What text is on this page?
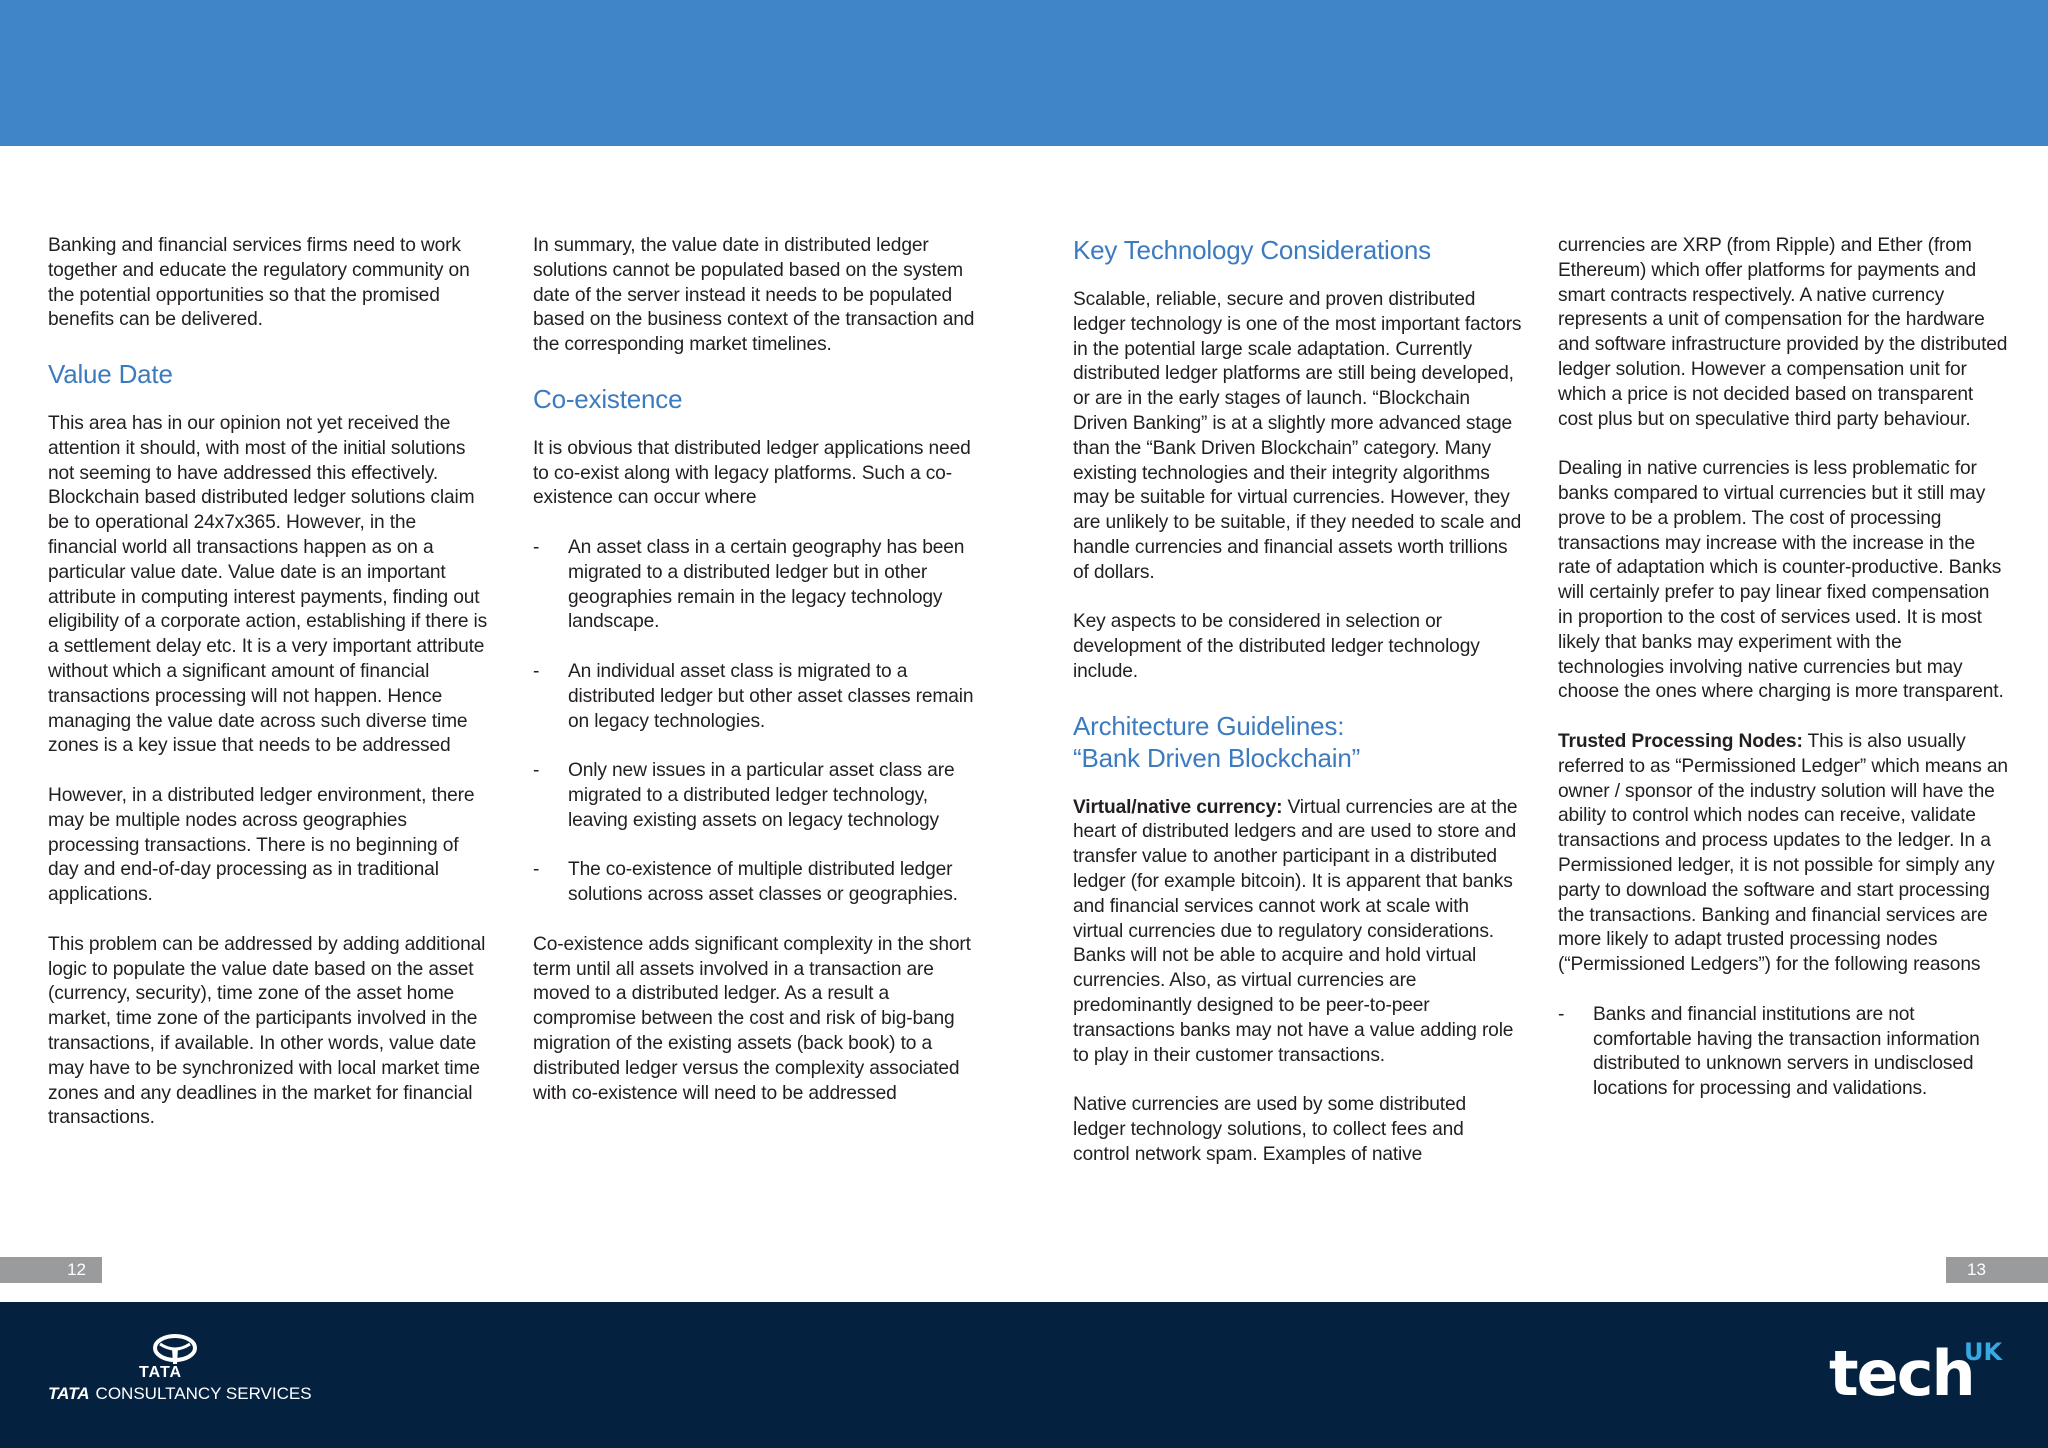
Banking and financial services firms need to work together and educate the regulatory community on the potential opportunities so that the promised benefits can be delivered.

Value Date

This area has in our opinion not yet received the attention it should, with most of the initial solutions not seeming to have addressed this effectively. Blockchain based distributed ledger solutions claim be to operational 24x7x365. However, in the financial world all transactions happen as on a particular value date. Value date is an important attribute in computing interest payments, finding out eligibility of a corporate action, establishing if there is a settlement delay etc. It is a very important attribute without which a significant amount of financial transactions processing will not happen. Hence managing the value date across such diverse time zones is a key issue that needs to be addressed

However, in a distributed ledger environment, there may be multiple nodes across geographies processing transactions. There is no beginning of day and end-of-day processing as in traditional applications.

This problem can be addressed by adding additional logic to populate the value date based on the asset (currency, security), time zone of the asset home market, time zone of the participants involved in the transactions, if available. In other words, value date may have to be synchronized with local market time zones and any deadlines in the market for financial transactions.

In summary, the value date in distributed ledger solutions cannot be populated based on the system date of the server instead it needs to be populated based on the business context of the transaction and the corresponding market timelines.

Co-existence

It is obvious that distributed ledger applications need to co-exist along with legacy platforms. Such a co-existence can occur where

- An asset class in a certain geography has been migrated to a distributed ledger but in other geographies remain in the legacy technology landscape.
- An individual asset class is migrated to a distributed ledger but other asset classes remain on legacy technologies.
- Only new issues in a particular asset class are migrated to a distributed ledger technology, leaving existing assets on legacy technology
- The co-existence of multiple distributed ledger solutions across asset classes or geographies.

Co-existence adds significant complexity in the short term until all assets involved in a transaction are moved to a distributed ledger. As a result a compromise between the cost and risk of big-bang migration of the existing assets (back book) to a distributed ledger versus the complexity associated with co-existence will need to be addressed

Key Technology Considerations

Scalable, reliable, secure and proven distributed ledger technology is one of the most important factors in the potential large scale adaptation. Currently distributed ledger platforms are still being developed, or are in the early stages of launch. “Blockchain Driven Banking” is at a slightly more advanced stage than the “Bank Driven Blockchain” category. Many existing technologies and their integrity algorithms may be suitable for virtual currencies. However, they are unlikely to be suitable, if they needed to scale and handle currencies and financial assets worth trillions of dollars.

Key aspects to be considered in selection or development of the distributed ledger technology include.

Architecture Guidelines:
“Bank Driven Blockchain”

Virtual/native currency: Virtual currencies are at the heart of distributed ledgers and are used to store and transfer value to another participant in a distributed ledger (for example bitcoin). It is apparent that banks and financial services cannot work at scale with virtual currencies due to regulatory considerations. Banks will not be able to acquire and hold virtual currencies. Also, as virtual currencies are predominantly designed to be peer-to-peer transactions banks may not have a value adding role to play in their customer transactions.

Native currencies are used by some distributed ledger technology solutions, to collect fees and control network spam. Examples of native

currencies are XRP (from Ripple) and Ether (from Ethereum) which offer platforms for payments and smart contracts respectively. A native currency represents a unit of compensation for the hardware and software infrastructure provided by the distributed ledger solution. However a compensation unit for which a price is not decided based on transparent cost plus but on speculative third party behaviour.

Dealing in native currencies is less problematic for banks compared to virtual currencies but it still may prove to be a problem. The cost of processing transactions may increase with the increase in the rate of adaptation which is counter-productive. Banks will certainly prefer to pay linear fixed compensation in proportion to the cost of services used. It is most likely that banks may experiment with the technologies involving native currencies but may choose the ones where charging is more transparent.

Trusted Processing Nodes: This is also usually referred to as “Permissioned Ledger” which means an owner / sponsor of the industry solution will have the ability to control which nodes can receive, validate transactions and process updates to the ledger. In a Permissioned ledger, it is not possible for simply any party to download the software and start processing the transactions. Banking and financial services are more likely to adapt trusted processing nodes (“Permissioned Ledgers”) for the following reasons

- Banks and financial institutions are not comfortable having the transaction information distributed to unknown servers in undisclosed locations for processing and validations.
12	13
TATA
TATA CONSULTANCY SERVICES	tech
UK
